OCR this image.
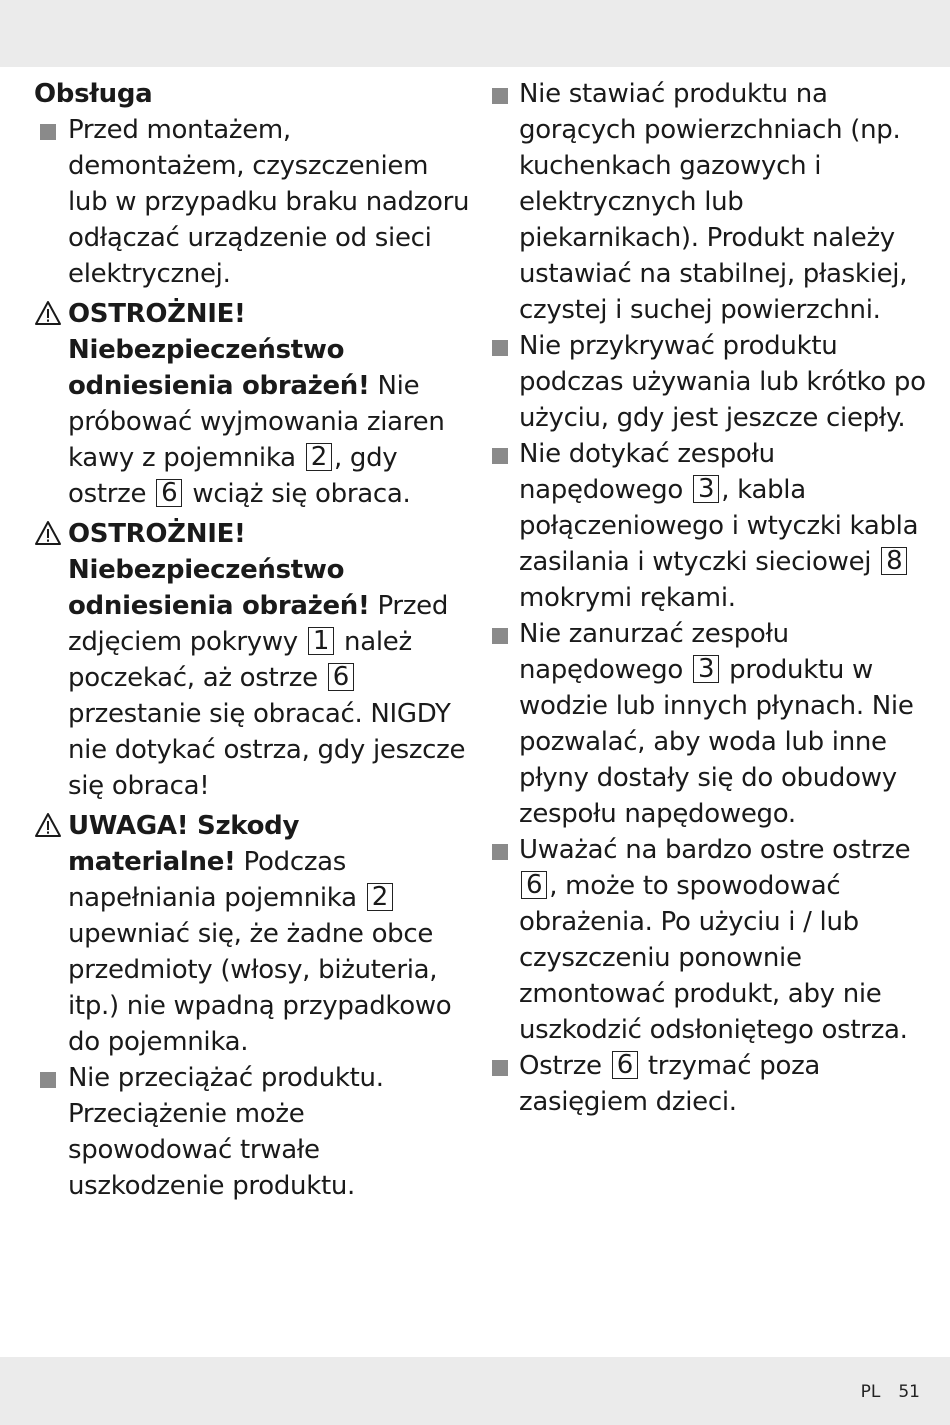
Obsługa
Przed montażem, demontażem, czyszczeniem lub w przypadku braku nadzoru odłączać urządzenie od sieci elektrycznej.
OSTROŻNIE! Niebezpieczeństwo odniesienia obrażeń! Nie próbować wyjmowania ziaren kawy z pojemnika 2 , gdy ostrze 6 wciąż się obraca.
OSTROŻNIE! Niebezpieczeństwo odniesienia obrażeń! Przed zdjęciem pokrywy 1 należ poczekać, aż ostrze 6 przestanie się obracać. NIGDY nie dotykać ostrza, gdy jeszcze się obraca!
UWAGA! Szkody materialne! Podczas napełniania pojemnika 2 upewniać się, że żadne obce przedmioty (włosy, biżuteria, itp.) nie wpadną przypadkowo do pojemnika.
Nie przeciążać produktu. Przeciążenie może spowodować trwałe uszkodzenie produktu.
Nie stawiać produktu na gorących powierzchniach (np. kuchenkach gazowych i elektrycznych lub piekarnikach). Produkt należy ustawiać na stabilnej, płaskiej, czystej i suchej powierzchni.
Nie przykrywać produktu podczas używania lub krótko po użyciu, gdy jest jeszcze ciepły.
Nie dotykać zespołu napędowego 3 , kabla połączeniowego i wtyczki kabla zasilania i wtyczki sieciowej 8 mokrymi rękami.
Nie zanurzać zespołu napędowego 3 produktu w wodzie lub innych płynach. Nie pozwalać, aby woda lub inne płyny dostały się do obudowy zespołu napędowego.
Uważać na bardzo ostre ostrze 6 , może to spowodować obrażenia. Po użyciu i / lub czyszczeniu ponownie zmontować produkt, aby nie uszkodzić odsłoniętego ostrza.
Ostrze 6 trzymać poza zasięgiem dzieci.
PL 51
